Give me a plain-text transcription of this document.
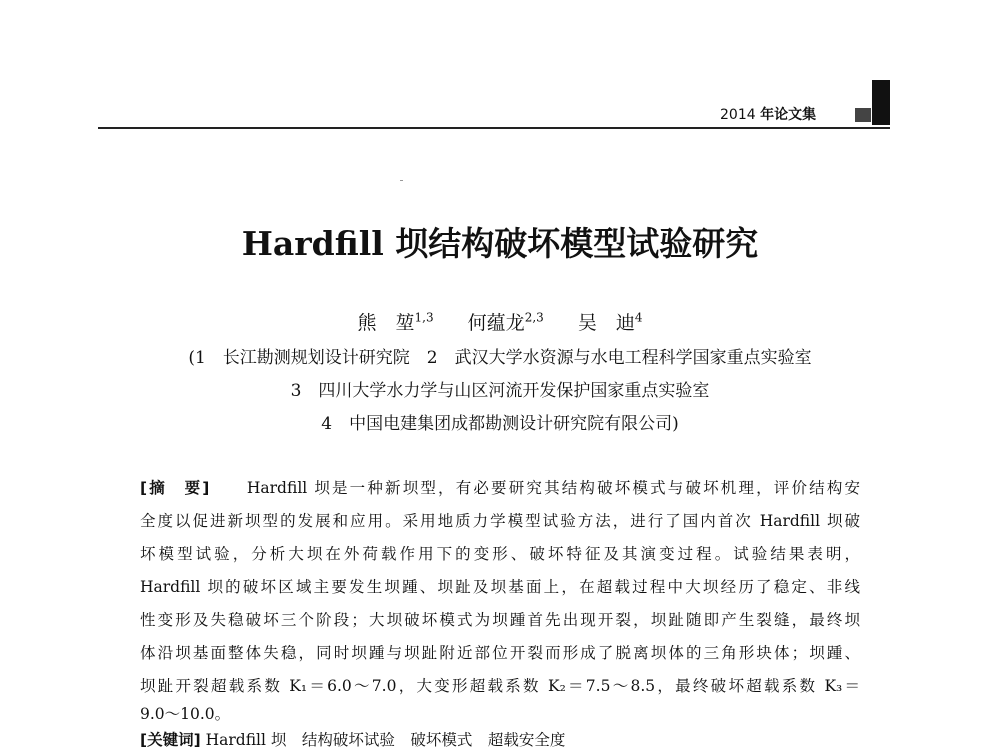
2014 年论文集
Hardfill 坝结构破坏模型试验研究
熊　堃$^{1,3}$ 何蕴龙$^{2,3}$ 吴　迪$^4$
(1　长江勘测规划设计研究院　2　武汉大学水资源与水电工程科学国家重点实验室
3　四川大学水力学与山区河流开发保护国家重点实验室
4　中国电建集团成都勘测设计研究院有限公司)
[摘　要]　　 Hardfill 坝是一种新坝型，有必要研究其结构破坏模式与破坏机理，评价结构安
全度以促进新坝型的发展和应用。采用地质力学模型试验方法，进行了国内首次 Hardfill 坝破
坏模型试验，分析大坝在外荷载作用下的变形、破坏特征及其演变过程。试验结果表明，
Hardfill 坝的破坏区域主要发生坝踵、坝趾及坝基面上，在超载过程中大坝经历了稳定、非线
性变形及失稳破坏三个阶段；大坝破坏模式为坝踵首先出现开裂，坝趾随即产生裂缝，最终坝
体沿坝基面整体失稳，同时坝踵与坝趾附近部位开裂而形成了脱离坝体的三角形块体；坝踵、
坝趾开裂超载系数 K₁＝6.0～7.0，大变形超载系数 K₂＝7.5～8.5，最终破坏超载系数 K₃＝
9.0～10.0。
[关键词] Hardfill 坝　结构破坏试验　破坏模式　超载安全度
